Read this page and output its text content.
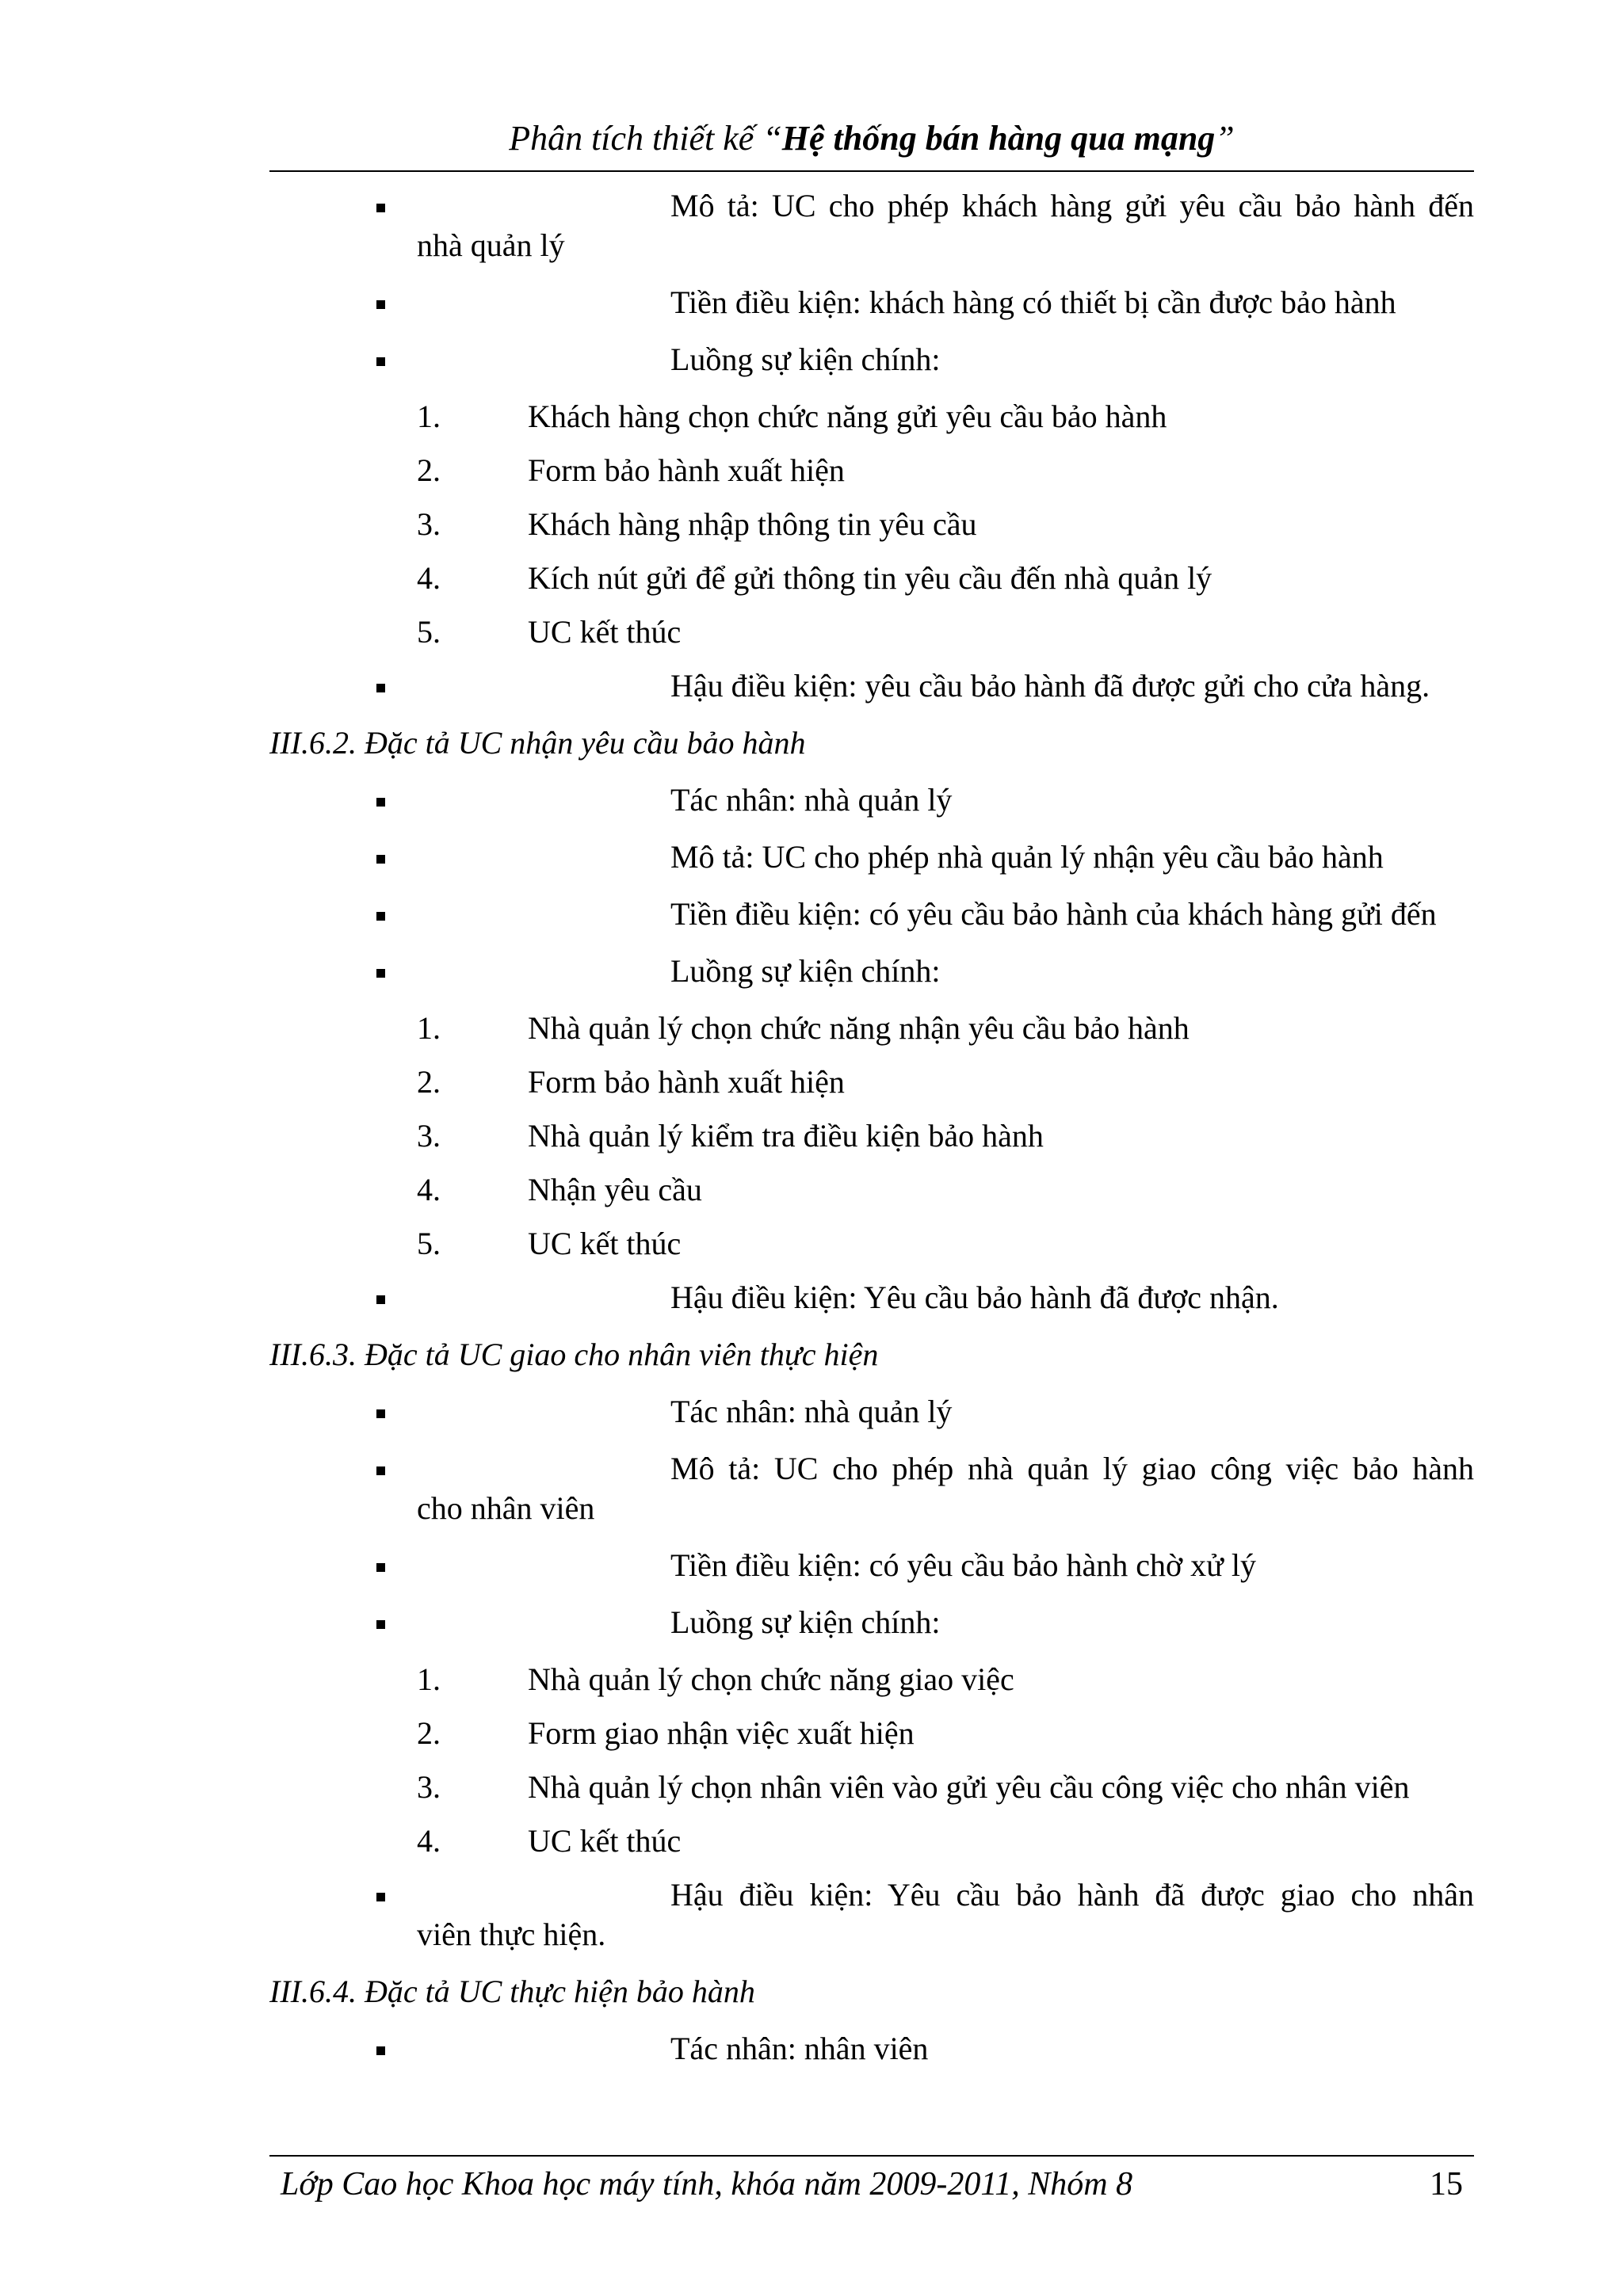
Phân tích thiết kế “Hệ thống bán hàng qua mạng”
Mô tả: UC cho phép khách hàng gửi yêu cầu bảo hành đến
nhà quản lý
Tiền điều kiện: khách hàng có thiết bị cần được bảo hành
Luồng sự kiện chính:
1.	Khách hàng chọn chức năng gửi yêu cầu bảo hành
2.	Form bảo hành xuất hiện
3.	Khách hàng nhập thông tin yêu cầu
4.	Kích nút gửi để gửi thông tin yêu cầu đến nhà quản lý
5.	UC kết thúc
Hậu điều kiện: yêu cầu bảo hành đã được gửi cho cửa hàng.
III.6.2. Đặc tả UC nhận yêu cầu bảo hành
Tác nhân: nhà quản lý
Mô tả: UC cho phép nhà quản lý nhận yêu cầu bảo hành
Tiền điều kiện: có yêu cầu bảo hành của khách hàng gửi đến
Luồng sự kiện chính:
1.	Nhà quản lý chọn chức năng nhận yêu cầu bảo hành
2.	Form bảo hành xuất hiện
3.	Nhà quản lý kiểm tra điều kiện bảo hành
4.	Nhận yêu cầu
5.	UC kết thúc
Hậu điều kiện: Yêu cầu bảo hành đã được nhận.
III.6.3. Đặc tả UC giao cho nhân viên thực hiện
Tác nhân: nhà quản lý
Mô tả: UC cho phép nhà quản lý giao công việc bảo hành
cho nhân viên
Tiền điều kiện: có yêu cầu bảo hành chờ xử lý
Luồng sự kiện chính:
1.	Nhà quản lý chọn chức năng giao việc
2.	Form giao nhận việc xuất hiện
3.	Nhà quản lý chọn nhân viên vào gửi yêu cầu công việc cho nhân viên
4.	UC kết thúc
Hậu điều kiện: Yêu cầu bảo hành đã được giao cho nhân
viên thực hiện.
III.6.4. Đặc tả UC thực hiện bảo hành
Tác nhân: nhân viên
Lớp Cao học Khoa học máy tính, khóa năm 2009-2011, Nhóm 8	15
